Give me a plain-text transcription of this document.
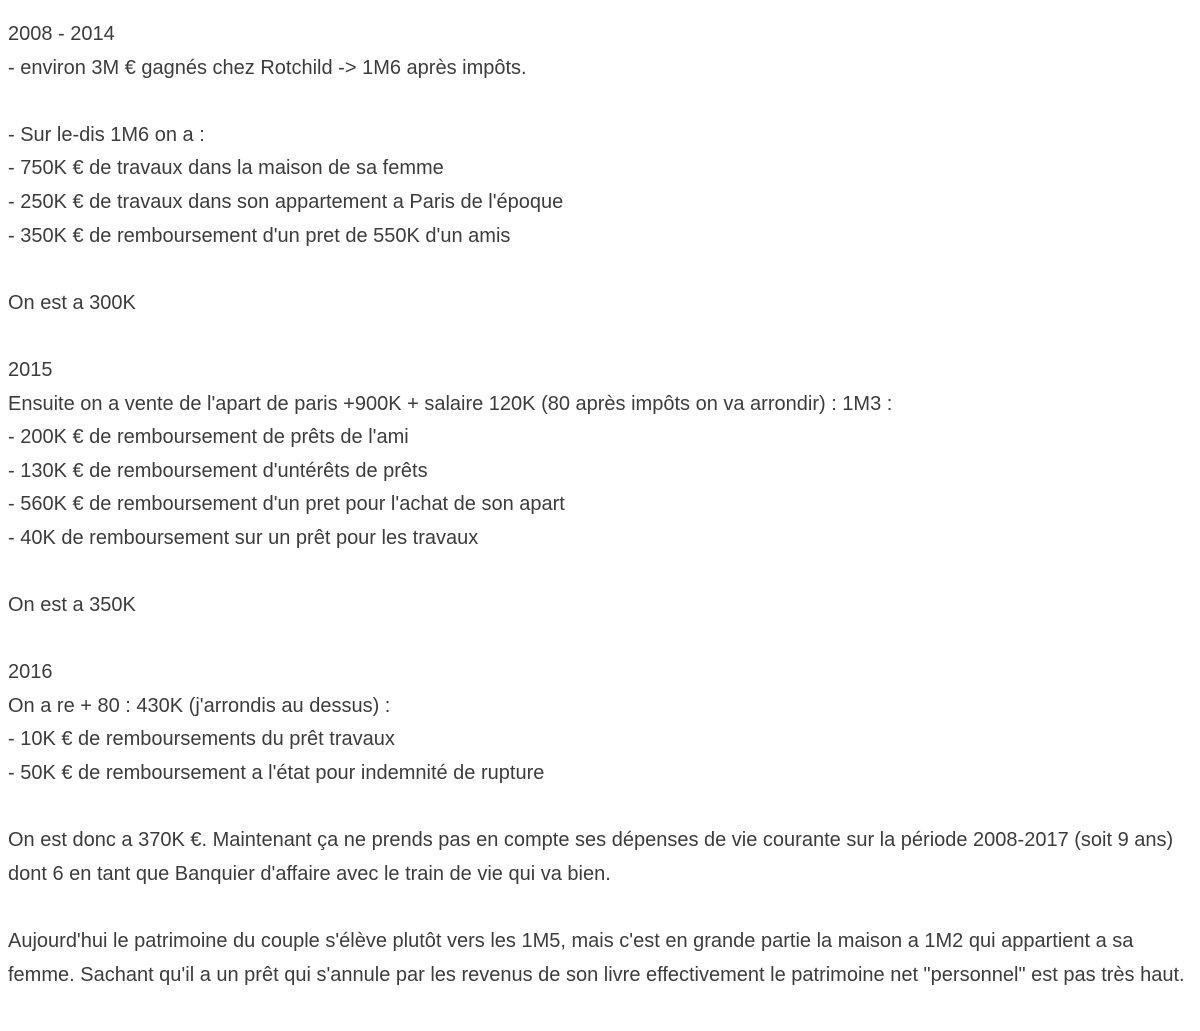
2008 - 2014
- environ 3M € gagnés chez Rotchild -> 1M6 après impôts.
- Sur le-dis 1M6 on a :
- 750K € de travaux dans la maison de sa femme
- 250K € de travaux dans son appartement a Paris de l'époque
- 350K € de remboursement d'un pret de 550K d'un amis
On est a 300K
2015
Ensuite on a vente de l'apart de paris +900K + salaire 120K (80 après impôts on va arrondir) : 1M3 :
- 200K € de remboursement de prêts de l'ami
- 130K € de remboursement d'untérêts de prêts
- 560K € de remboursement d'un pret pour l'achat de son apart
- 40K de remboursement sur un prêt pour les travaux
On est a 350K
2016
On a re + 80 : 430K (j'arrondis au dessus) :
- 10K € de remboursements du prêt travaux
- 50K € de remboursement a l'état pour indemnité de rupture
On est donc a 370K €. Maintenant ça ne prends pas en compte ses dépenses de vie courante sur la période 2008-2017 (soit 9 ans) dont 6 en tant que Banquier d'affaire avec le train de vie qui va bien.
Aujourd'hui le patrimoine du couple s'élève plutôt vers les 1M5, mais c'est en grande partie la maison a 1M2 qui appartient a sa femme. Sachant qu'il a un prêt qui s'annule par les revenus de son livre effectivement le patrimoine net "personnel" est pas très haut.
